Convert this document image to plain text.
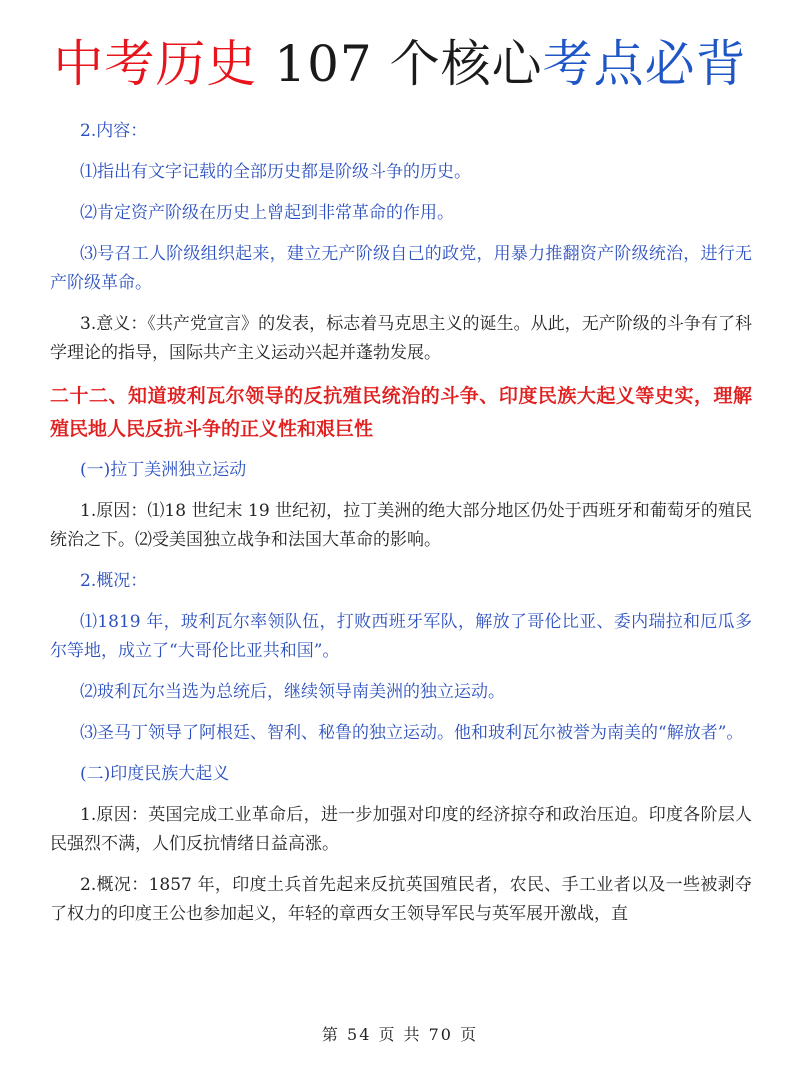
中考历史 107 个核心考点必背

2.内容：

⑴指出有文字记载的全部历史都是阶级斗争的历史。

⑵肯定资产阶级在历史上曾起到非常革命的作用。

⑶号召工人阶级组织起来，建立无产阶级自己的政党，用暴力推翻资产阶级统治，进行无产阶级革命。

3.意义：《共产党宣言》的发表，标志着马克思主义的诞生。从此，无产阶级的斗争有了科学理论的指导，国际共产主义运动兴起并蓬勃发展。

二十二、知道玻利瓦尔领导的反抗殖民统治的斗争、印度民族大起义等史实，理解殖民地人民反抗斗争的正义性和艰巨性

(一)拉丁美洲独立运动

1.原因：⑴18 世纪末 19 世纪初，拉丁美洲的绝大部分地区仍处于西班牙和葡萄牙的殖民统治之下。⑵受美国独立战争和法国大革命的影响。

2.概况：

⑴1819 年，玻利瓦尔率领队伍，打败西班牙军队，解放了哥伦比亚、委内瑞拉和厄瓜多尔等地，成立了“大哥伦比亚共和国”。

⑵玻利瓦尔当选为总统后，继续领导南美洲的独立运动。

⑶圣马丁领导了阿根廷、智利、秘鲁的独立运动。他和玻利瓦尔被誉为南美的“解放者”。

(二)印度民族大起义

1.原因：英国完成工业革命后，进一步加强对印度的经济掠夺和政治压迫。印度各阶层人民强烈不满，人们反抗情绪日益高涨。

2.概况：1857 年，印度土兵首先起来反抗英国殖民者，农民、手工业者以及一些被剥夺了权力的印度王公也参加起义，年轻的章西女王领导军民与英军展开激战，直

第 54 页 共 70 页
